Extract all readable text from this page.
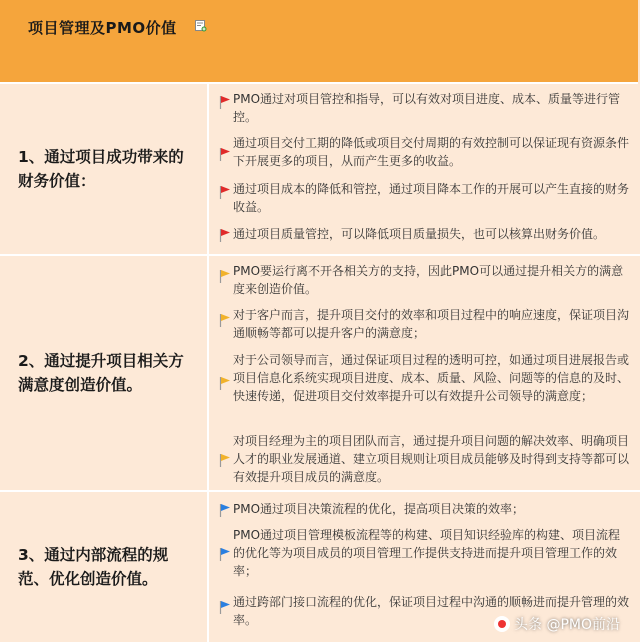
项目管理及PMO价值
1、通过项目成功带来的财务价值：
PMO通过对项目管控和指导，可以有效对项目进度、成本、质量等进行管控。
通过项目交付工期的降低或项目交付周期的有效控制可以保证现有资源条件下开展更多的项目，从而产生更多的收益。
通过项目成本的降低和管控，通过项目降本工作的开展可以产生直接的财务收益。
通过项目质量管控，可以降低项目质量损失，也可以核算出财务价值。
2、通过提升项目相关方满意度创造价值。
PMO要运行离不开各相关方的支持，因此PMO可以通过提升相关方的满意度来创造价值。
对于客户而言，提升项目交付的效率和项目过程中的响应速度，保证项目沟通顺畅等都可以提升客户的满意度；
对于公司领导而言，通过保证项目过程的透明可控，如通过项目进展报告或项目信息化系统实现项目进度、成本、质量、风险、问题等的信息的及时、快速传递，促进项目交付效率提升可以有效提升公司领导的满意度；
对项目经理为主的项目团队而言，通过提升项目问题的解决效率、明确项目人才的职业发展通道、建立项目规则让项目成员能够及时得到支持等都可以有效提升项目成员的满意度。
3、通过内部流程的规范、优化创造价值。
PMO通过项目决策流程的优化，提高项目决策的效率；
PMO通过项目管理模板流程等的构建、项目知识经验库的构建、项目流程的优化等为项目成员的项目管理工作提供支持进而提升项目管理工作的效率；
通过跨部门接口流程的优化，保证项目过程中沟通的顺畅进而提升管理的效率。	头条 @PMO前沿
